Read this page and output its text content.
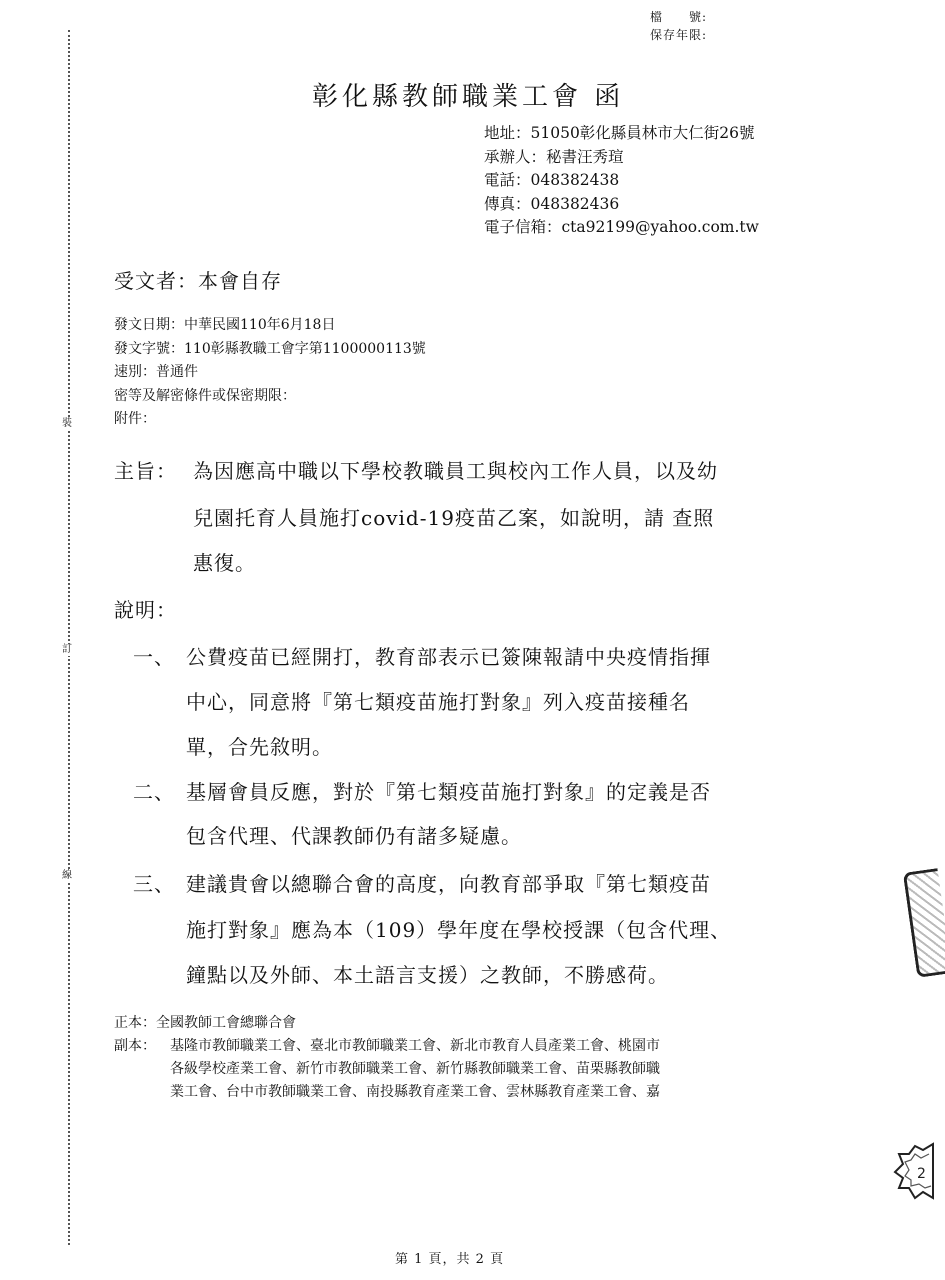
裝
訂
線
檔　　號:
保存年限:
彰化縣教師職業工會 函
地址：51050彰化縣員林市大仁街26號
承辦人：秘書汪秀瑄
電話：048382438
傳真：048382436
電子信箱：cta92199@yahoo.com.tw
受文者：本會自存
發文日期：中華民國110年6月18日
發文字號：110彰縣教職工會字第1100000113號
速別：普通件
密等及解密條件或保密期限：
附件：
主旨： 為因應高中職以下學校教職員工與校內工作人員，以及幼
兒園托育人員施打covid-19疫苗乙案，如說明，請 查照
惠復。
說明：
一、 公費疫苗已經開打，教育部表示已簽陳報請中央疫情指揮
中心，同意將『第七類疫苗施打對象』列入疫苗接種名
單，合先敘明。
二、 基層會員反應，對於『第七類疫苗施打對象』的定義是否
包含代理、代課教師仍有諸多疑慮。
三、 建議貴會以總聯合會的高度，向教育部爭取『第七類疫苗
施打對象』應為本（109）學年度在學校授課（包含代理、
鐘點以及外師、本土語言支援）之教師，不勝感荷。
正本：全國教師工會總聯合會
副本： 基隆市教師職業工會、臺北市教師職業工會、新北市教育人員產業工會、桃園市
各級學校產業工會、新竹市教師職業工會、新竹縣教師職業工會、苗栗縣教師職
業工會、台中市教師職業工會、南投縣教育產業工會、雲林縣教育產業工會、嘉
2
第 1 頁，共 2 頁
